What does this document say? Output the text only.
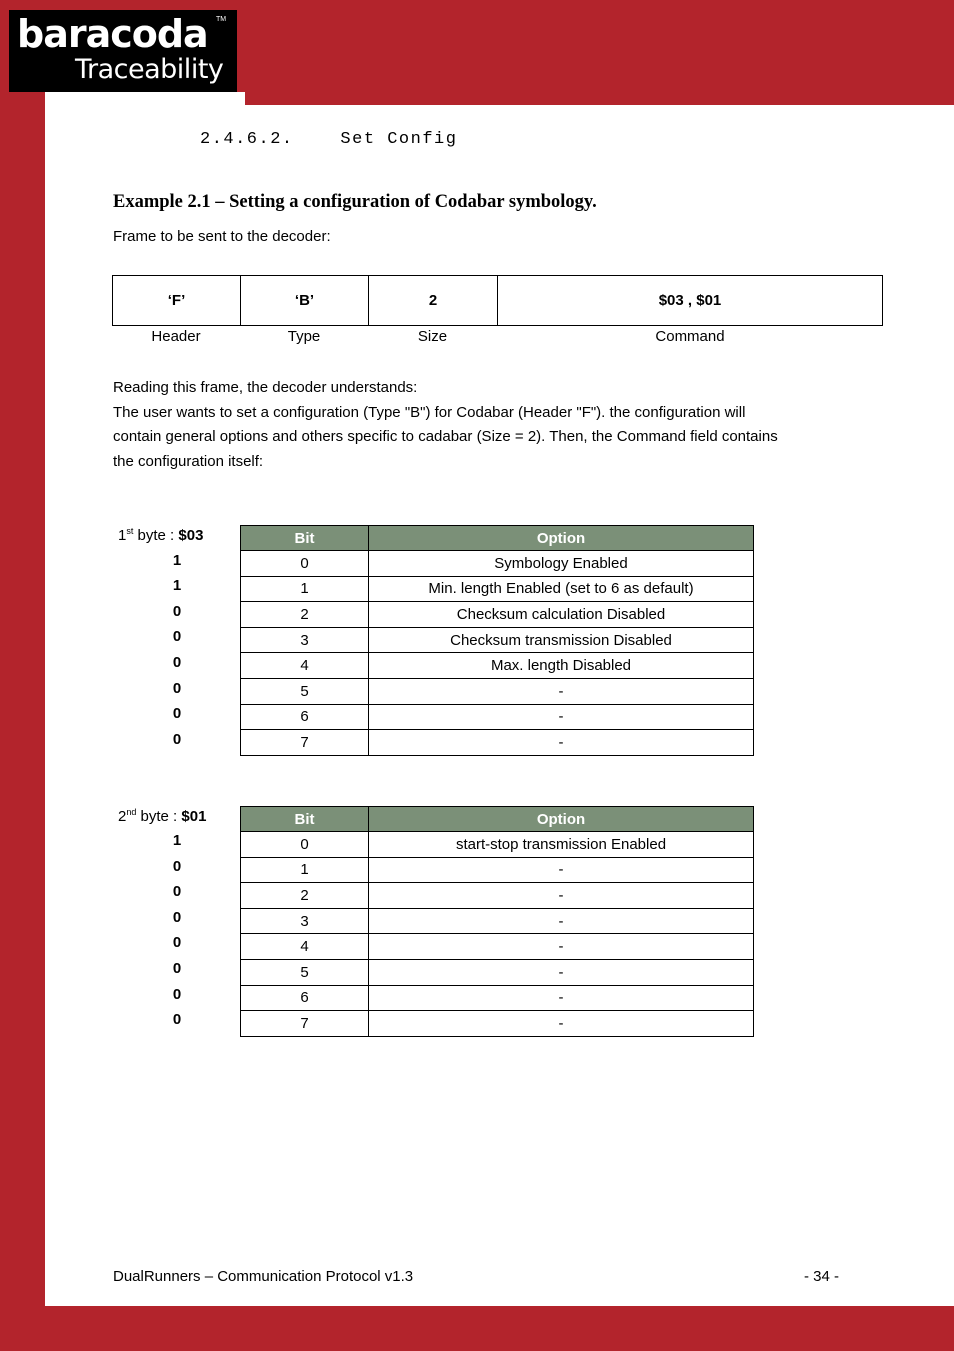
baracoda TM
Traceability
2.4.6.2.    Set Config
Example 2.1 – Setting a configuration of Codabar symbology.
Frame to be sent to the decoder:
‘F’	‘B’	2	$03 , $01
Header	Type	Size	Command
Reading this frame, the decoder understands:
The user wants to set a configuration (Type "B") for Codabar (Header "F"). the configuration will
contain general options and others specific to cadabar (Size = 2). Then, the Command field contains
the configuration itself:
1st byte : $03
1
1
0
0
0
0
0
0
Bit	Option
0	Symbology Enabled
1	Min. length Enabled (set to 6 as default)
2	Checksum calculation Disabled
3	Checksum transmission Disabled
4	Max. length Disabled
5	-
6	-
7	-
2nd byte : $01
1
0
0
0
0
0
0
0
Bit	Option
0	start-stop transmission Enabled
1	-
2	-
3	-
4	-
5	-
6	-
7	-
DualRunners – Communication Protocol v1.3	- 34 -
